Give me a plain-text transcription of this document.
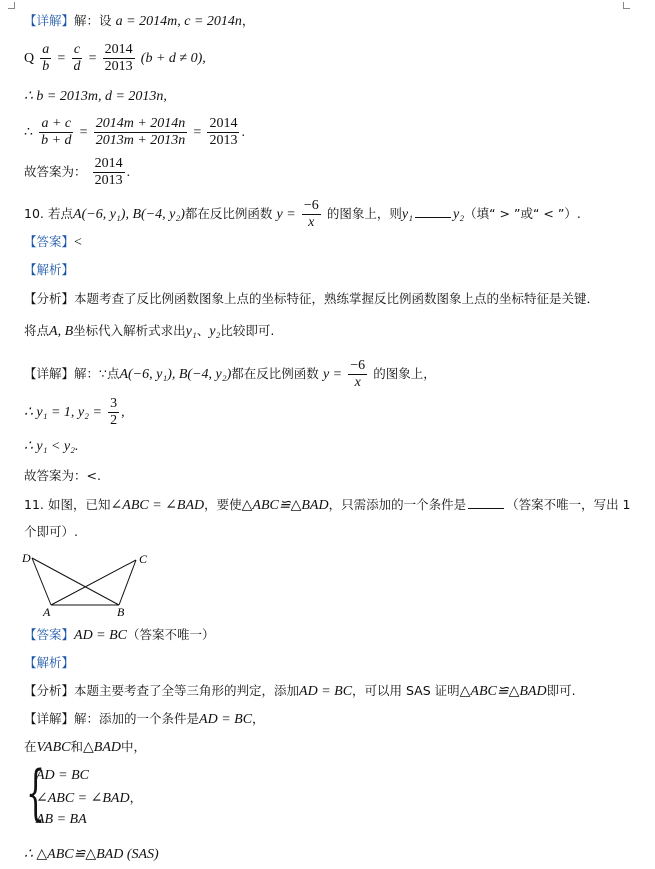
【详解】解：设 a = 2014m, c = 2014n，
Q $\frac{a}{b} = \frac{c}{d} = \frac{2014}{2013} (b + d \ne 0)$,
∴ b = 2013m, d = 2013n,
∴ $\frac{a + c}{b + d} = \frac{2014m + 2014n}{2013m + 2013n} = \frac{2014}{2013}$ .
故答案为： $\frac{2014}{2013}$ .
10. 若点A(−6, y₁), B(−4, y₂)都在反比例函数 $y = \frac{-6}{x}$ 的图象上，则y₁	y₂（填“ > ”或“ < ”）.
【答案】<
【解析】
【分析】本题考查了反比例函数图象上点的坐标特征，熟练掌握反比例函数图象上点的坐标特征是关键．
将点A, B坐标代入解析式求出y₁、y₂比较即可.
【详解】解：∵点A(−6, y₁), B(−4, y₂)都在反比例函数 $y = \frac{-6}{x}$ 的图象上，
∴ y₁ = 1, $y_2 = \frac{3}{2}$ ,
∴ y₁ < y₂.
故答案为：<.
11. 如图，已知∠ABC = ∠BAD，要使△ABC≌△BAD，只需添加的一个条件是	（答案不唯一，写出 1
个即可）.
D	C
A	B
【答案】AD = BC（答案不唯一）
【解析】
【分析】本题主要考查了全等三角形的判定，添加AD = BC，可以用 SAS 证明△ABC≌△BAD即可.
【详解】解：添加的一个条件是AD = BC，
在VABC和△BAD中，
{
AD = BC
∠ABC = ∠BAD，
AB = BA
∴ △ABC≌△BAD (SAS)
